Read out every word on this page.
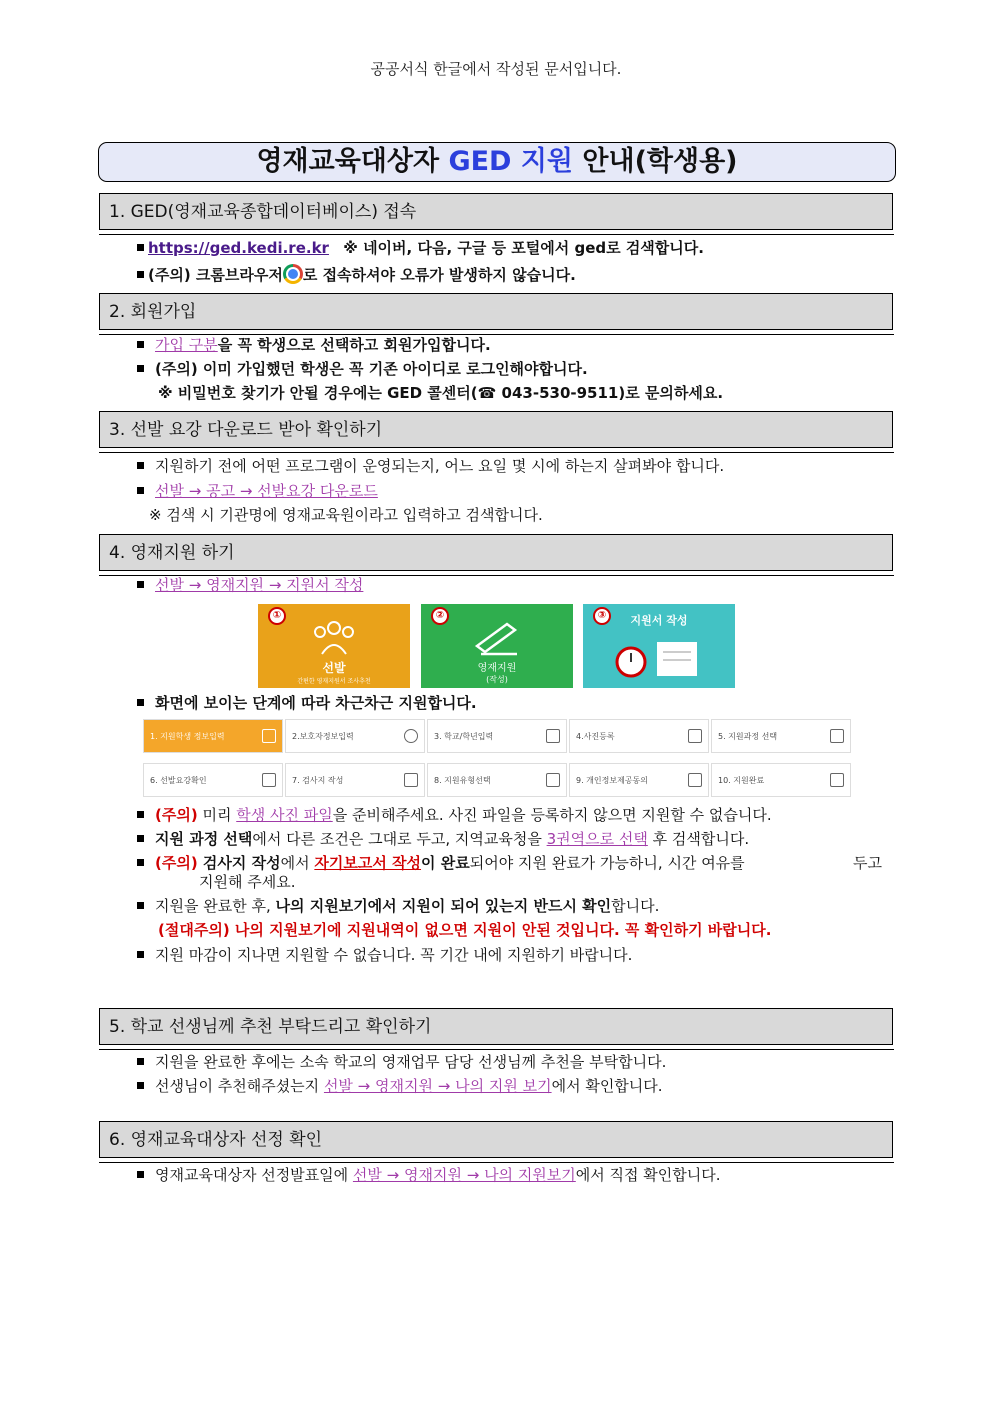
공공서식 한글에서 작성된 문서입니다.
영재교육대상자 GED 지원 안내(학생용)
1. GED(영재교육종합데이터베이스) 접속
https://ged.kedi.re.kr ※ 네이버, 다음, 구글 등 포털에서 ged로 검색합니다.
(주의) 크롬브라우저 로 접속하셔야 오류가 발생하지 않습니다.
2. 회원가입
가입 구분을 꼭 학생으로 선택하고 회원가입합니다.
(주의) 이미 가입했던 학생은 꼭 기존 아이디로 로그인해야합니다.
※ 비밀번호 찾기가 안될 경우에는 GED 콜센터(☎ 043-530-9511)로 문의하세요.
3. 선발 요강 다운로드 받아 확인하기
지원하기 전에 어떤 프로그램이 운영되는지, 어느 요일 몇 시에 하는지 살펴봐야 합니다.
선발 → 공고 → 선발요강 다운로드
※ 검색 시 기관명에 영재교육원이라고 입력하고 검색합니다.
4. 영재지원 하기
선발 → 영재지원 → 지원서 작성
①
선발
간편한 영재지원서 조사추천
②
영재지원
(작성)
③	지원서 작성
화면에 보이는 단계에 따라 차근차근 지원합니다.
1. 지원학생 정보입력	2.보호자정보입력	3. 학교/학년입력	4.사진등록	5. 지원과정 선택
6. 선발요강확인	7. 검사지 작성	8. 지원유형선택	9. 개인정보제공동의	10. 지원완료
(주의) 미리 학생 사진 파일을 준비해주세요. 사진 파일을 등록하지 않으면 지원할 수 없습니다.
지원 과정 선택에서 다른 조건은 그대로 두고, 지역교육청을 3권역으로 선택 후 검색합니다.
(주의) 검사지 작성에서 자기보고서 작성이 완료되어야 지원 완료가 가능하니, 시간 여유를	두고
지원해 주세요.
지원을 완료한 후, 나의 지원보기에서 지원이 되어 있는지 반드시 확인합니다.
(절대주의) 나의 지원보기에 지원내역이 없으면 지원이 안된 것입니다. 꼭 확인하기 바랍니다.
지원 마감이 지나면 지원할 수 없습니다. 꼭 기간 내에 지원하기 바랍니다.
5. 학교 선생님께 추천 부탁드리고 확인하기
지원을 완료한 후에는 소속 학교의 영재업무 담당 선생님께 추천을 부탁합니다.
선생님이 추천해주셨는지 선발 → 영재지원 → 나의 지원 보기에서 확인합니다.
6. 영재교육대상자 선정 확인
영재교육대상자 선정발표일에 선발 → 영재지원 → 나의 지원보기에서 직접 확인합니다.
